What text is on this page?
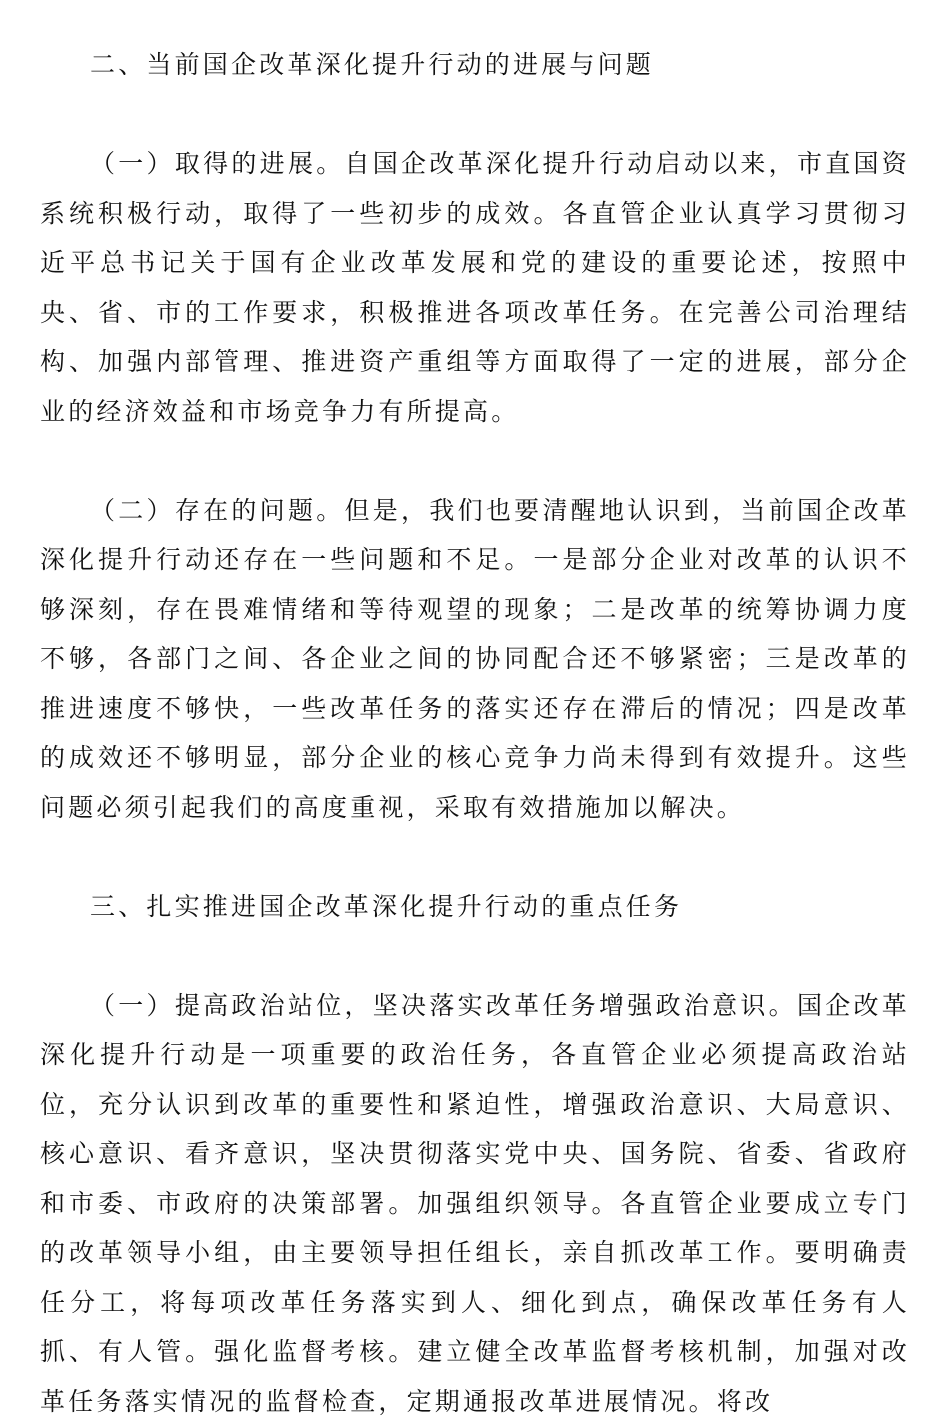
二、当前国企改革深化提升行动的进展与问题

（一）取得的进展。自国企改革深化提升行动启动以来，市直国资系统积极行动，取得了一些初步的成效。各直管企业认真学习贯彻习近平总书记关于国有企业改革发展和党的建设的重要论述，按照中央、省、市的工作要求，积极推进各项改革任务。在完善公司治理结构、加强内部管理、推进资产重组等方面取得了一定的进展，部分企业的经济效益和市场竞争力有所提高。

（二）存在的问题。但是，我们也要清醒地认识到，当前国企改革深化提升行动还存在一些问题和不足。一是部分企业对改革的认识不够深刻，存在畏难情绪和等待观望的现象；二是改革的统筹协调力度不够，各部门之间、各企业之间的协同配合还不够紧密；三是改革的推进速度不够快，一些改革任务的落实还存在滞后的情况；四是改革的成效还不够明显，部分企业的核心竞争力尚未得到有效提升。这些问题必须引起我们的高度重视，采取有效措施加以解决。

三、扎实推进国企改革深化提升行动的重点任务

（一）提高政治站位，坚决落实改革任务增强政治意识。国企改革深化提升行动是一项重要的政治任务，各直管企业必须提高政治站位，充分认识到改革的重要性和紧迫性，增强政治意识、大局意识、核心意识、看齐意识，坚决贯彻落实党中央、国务院、省委、省政府和市委、市政府的决策部署。加强组织领导。各直管企业要成立专门的改革领导小组，由主要领导担任组长，亲自抓改革工作。要明确责任分工，将每项改革任务落实到人、细化到点，确保改革任务有人抓、有人管。强化监督考核。建立健全改革监督考核机制，加强对改革任务落实情况的监督检查，定期通报改革进展情况。将改
